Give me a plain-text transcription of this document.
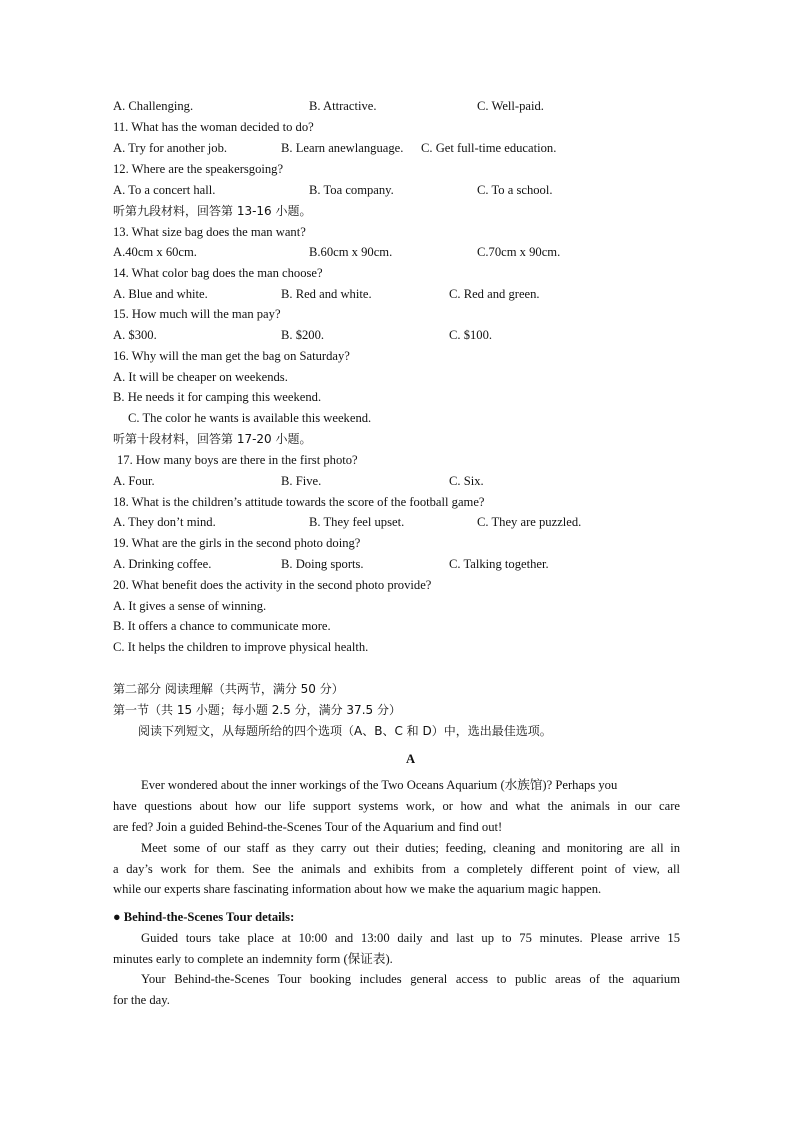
A. Challenging.	B. Attractive.	C. Well-paid.
11. What has the woman decided to do?
A. Try for another job.	B. Learn anewlanguage. C. Get full-time education.
12. Where are the speakersgoing?
A. To a concert hall.	B. Toa company.	C. To a school.
听第九段材料，回答第 13-16 小题。
13. What size bag does the man want?
A.40cm x 60cm.	B.60cm x 90cm.	C.70cm x 90cm.
14. What color bag does the man choose?
A. Blue and white.	B. Red and white.	C. Red and green.
15. How much will the man pay?
A. $300.	B. $200.	C. $100.
16. Why will the man get the bag on Saturday?
A. It will be cheaper on weekends.
B. He needs it for camping this weekend.
C. The color he wants is available this weekend.
听第十段材料，回答第 17-20 小题。
17. How many boys are there in the first photo?
A. Four.	B. Five.	C. Six.
18. What is the children’s attitude towards the score of the football game?
A. They don’t mind.	B. They feel upset.	C. They are puzzled.
19. What are the girls in the second photo doing?
A. Drinking coffee.	B. Doing sports.	C. Talking together.
20. What benefit does the activity in the second photo provide?
A. It gives a sense of winning.
B. It offers a chance to communicate more.
C. It helps the children to improve physical health.
第二部分 阅读理解（共两节，满分 50 分）
第一节（共 15 小题；每小题 2.5 分，满分 37.5 分）
阅读下列短文，从每题所给的四个选项（A、B、C 和 D）中，选出最佳选项。
A
Ever wondered about the inner workings of the Two Oceans Aquarium (水族馆)? Perhaps you
have questions about how our life support systems work, or how and what the animals in our care
are fed? Join a guided Behind-the-Scenes Tour of the Aquarium and find out!
Meet some of our staff as they carry out their duties; feeding, cleaning and monitoring are all in
a day’s work for them. See the animals and exhibits from a completely different point of view, all
while our experts share fascinating information about how we make the aquarium magic happen.
● Behind-the-Scenes Tour details:
Guided tours take place at 10:00 and 13:00 daily and last up to 75 minutes. Please arrive 15
minutes early to complete an indemnity form (保证表).
Your Behind-the-Scenes Tour booking includes general access to public areas of the aquarium
for the day.
